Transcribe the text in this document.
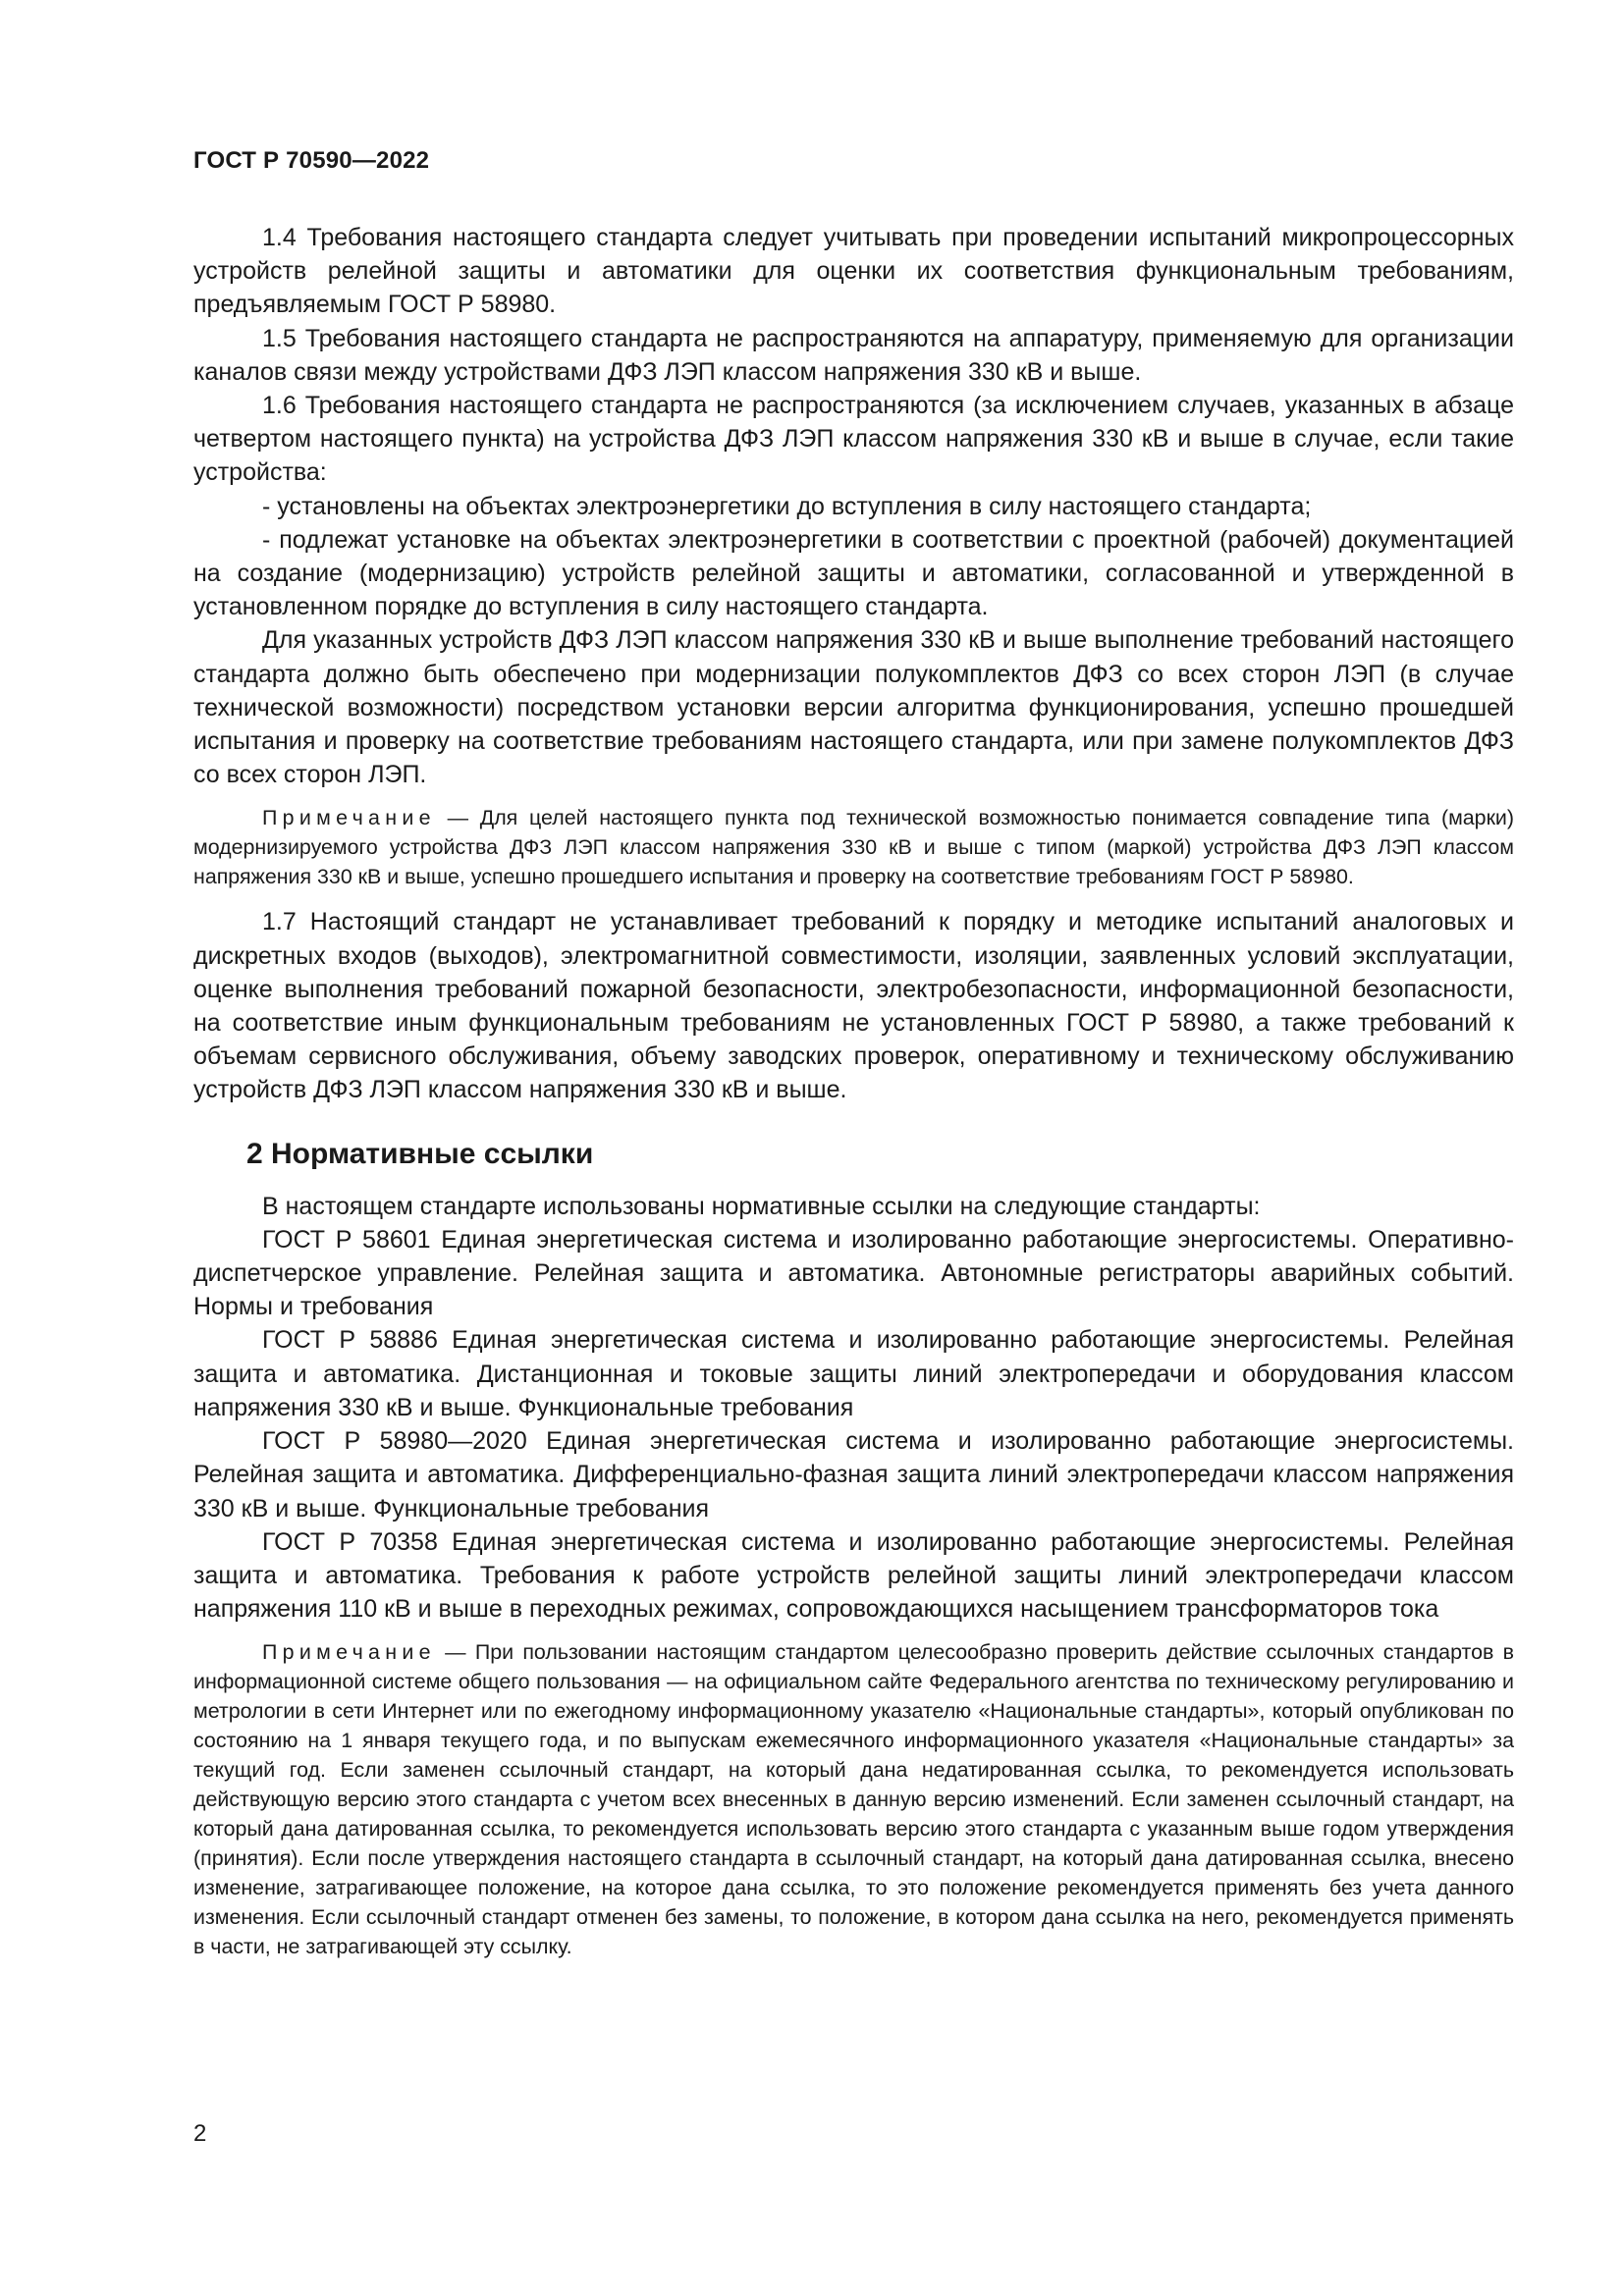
ГОСТ Р 70590—2022

1.4 Требования настоящего стандарта следует учитывать при проведении испытаний микропроцессорных устройств релейной защиты и автоматики для оценки их соответствия функциональным требованиям, предъявляемым ГОСТ Р 58980.

1.5 Требования настоящего стандарта не распространяются на аппаратуру, применяемую для организации каналов связи между устройствами ДФЗ ЛЭП классом напряжения 330 кВ и выше.

1.6 Требования настоящего стандарта не распространяются (за исключением случаев, указанных в абзаце четвертом настоящего пункта) на устройства ДФЗ ЛЭП классом напряжения 330 кВ и выше в случае, если такие устройства:

- установлены на объектах электроэнергетики до вступления в силу настоящего стандарта;

- подлежат установке на объектах электроэнергетики в соответствии с проектной (рабочей) документацией на создание (модернизацию) устройств релейной защиты и автоматики, согласованной и утвержденной в установленном порядке до вступления в силу настоящего стандарта.

Для указанных устройств ДФЗ ЛЭП классом напряжения 330 кВ и выше выполнение требований настоящего стандарта должно быть обеспечено при модернизации полукомплектов ДФЗ со всех сторон ЛЭП (в случае технической возможности) посредством установки версии алгоритма функционирования, успешно прошедшей испытания и проверку на соответствие требованиям настоящего стандарта, или при замене полукомплектов ДФЗ со всех сторон ЛЭП.

Примечание — Для целей настоящего пункта под технической возможностью понимается совпадение типа (марки) модернизируемого устройства ДФЗ ЛЭП классом напряжения 330 кВ и выше с типом (маркой) устройства ДФЗ ЛЭП классом напряжения 330 кВ и выше, успешно прошедшего испытания и проверку на соответствие требованиям ГОСТ Р 58980.

1.7 Настоящий стандарт не устанавливает требований к порядку и методике испытаний аналоговых и дискретных входов (выходов), электромагнитной совместимости, изоляции, заявленных условий эксплуатации, оценке выполнения требований пожарной безопасности, электробезопасности, информационной безопасности, на соответствие иным функциональным требованиям не установленных ГОСТ Р 58980, а также требований к объемам сервисного обслуживания, объему заводских проверок, оперативному и техническому обслуживанию устройств ДФЗ ЛЭП классом напряжения 330 кВ и выше.

2 Нормативные ссылки

В настоящем стандарте использованы нормативные ссылки на следующие стандарты:

ГОСТ Р 58601 Единая энергетическая система и изолированно работающие энергосистемы. Оперативно-диспетчерское управление. Релейная защита и автоматика. Автономные регистраторы аварийных событий. Нормы и требования

ГОСТ Р 58886 Единая энергетическая система и изолированно работающие энергосистемы. Релейная защита и автоматика. Дистанционная и токовые защиты линий электропередачи и оборудования классом напряжения 330 кВ и выше. Функциональные требования

ГОСТ Р 58980—2020 Единая энергетическая система и изолированно работающие энергосистемы. Релейная защита и автоматика. Дифференциально-фазная защита линий электропередачи классом напряжения 330 кВ и выше. Функциональные требования

ГОСТ Р 70358 Единая энергетическая система и изолированно работающие энергосистемы. Релейная защита и автоматика. Требования к работе устройств релейной защиты линий электропередачи классом напряжения 110 кВ и выше в переходных режимах, сопровождающихся насыщением трансформаторов тока

Примечание — При пользовании настоящим стандартом целесообразно проверить действие ссылочных стандартов в информационной системе общего пользования — на официальном сайте Федерального агентства по техническому регулированию и метрологии в сети Интернет или по ежегодному информационному указателю «Национальные стандарты», который опубликован по состоянию на 1 января текущего года, и по выпускам ежемесячного информационного указателя «Национальные стандарты» за текущий год. Если заменен ссылочный стандарт, на который дана недатированная ссылка, то рекомендуется использовать действующую версию этого стандарта с учетом всех внесенных в данную версию изменений. Если заменен ссылочный стандарт, на который дана датированная ссылка, то рекомендуется использовать версию этого стандарта с указанным выше годом утверждения (принятия). Если после утверждения настоящего стандарта в ссылочный стандарт, на который дана датированная ссылка, внесено изменение, затрагивающее положение, на которое дана ссылка, то это положение рекомендуется применять без учета данного изменения. Если ссылочный стандарт отменен без замены, то положение, в котором дана ссылка на него, рекомендуется применять в части, не затрагивающей эту ссылку.

2
